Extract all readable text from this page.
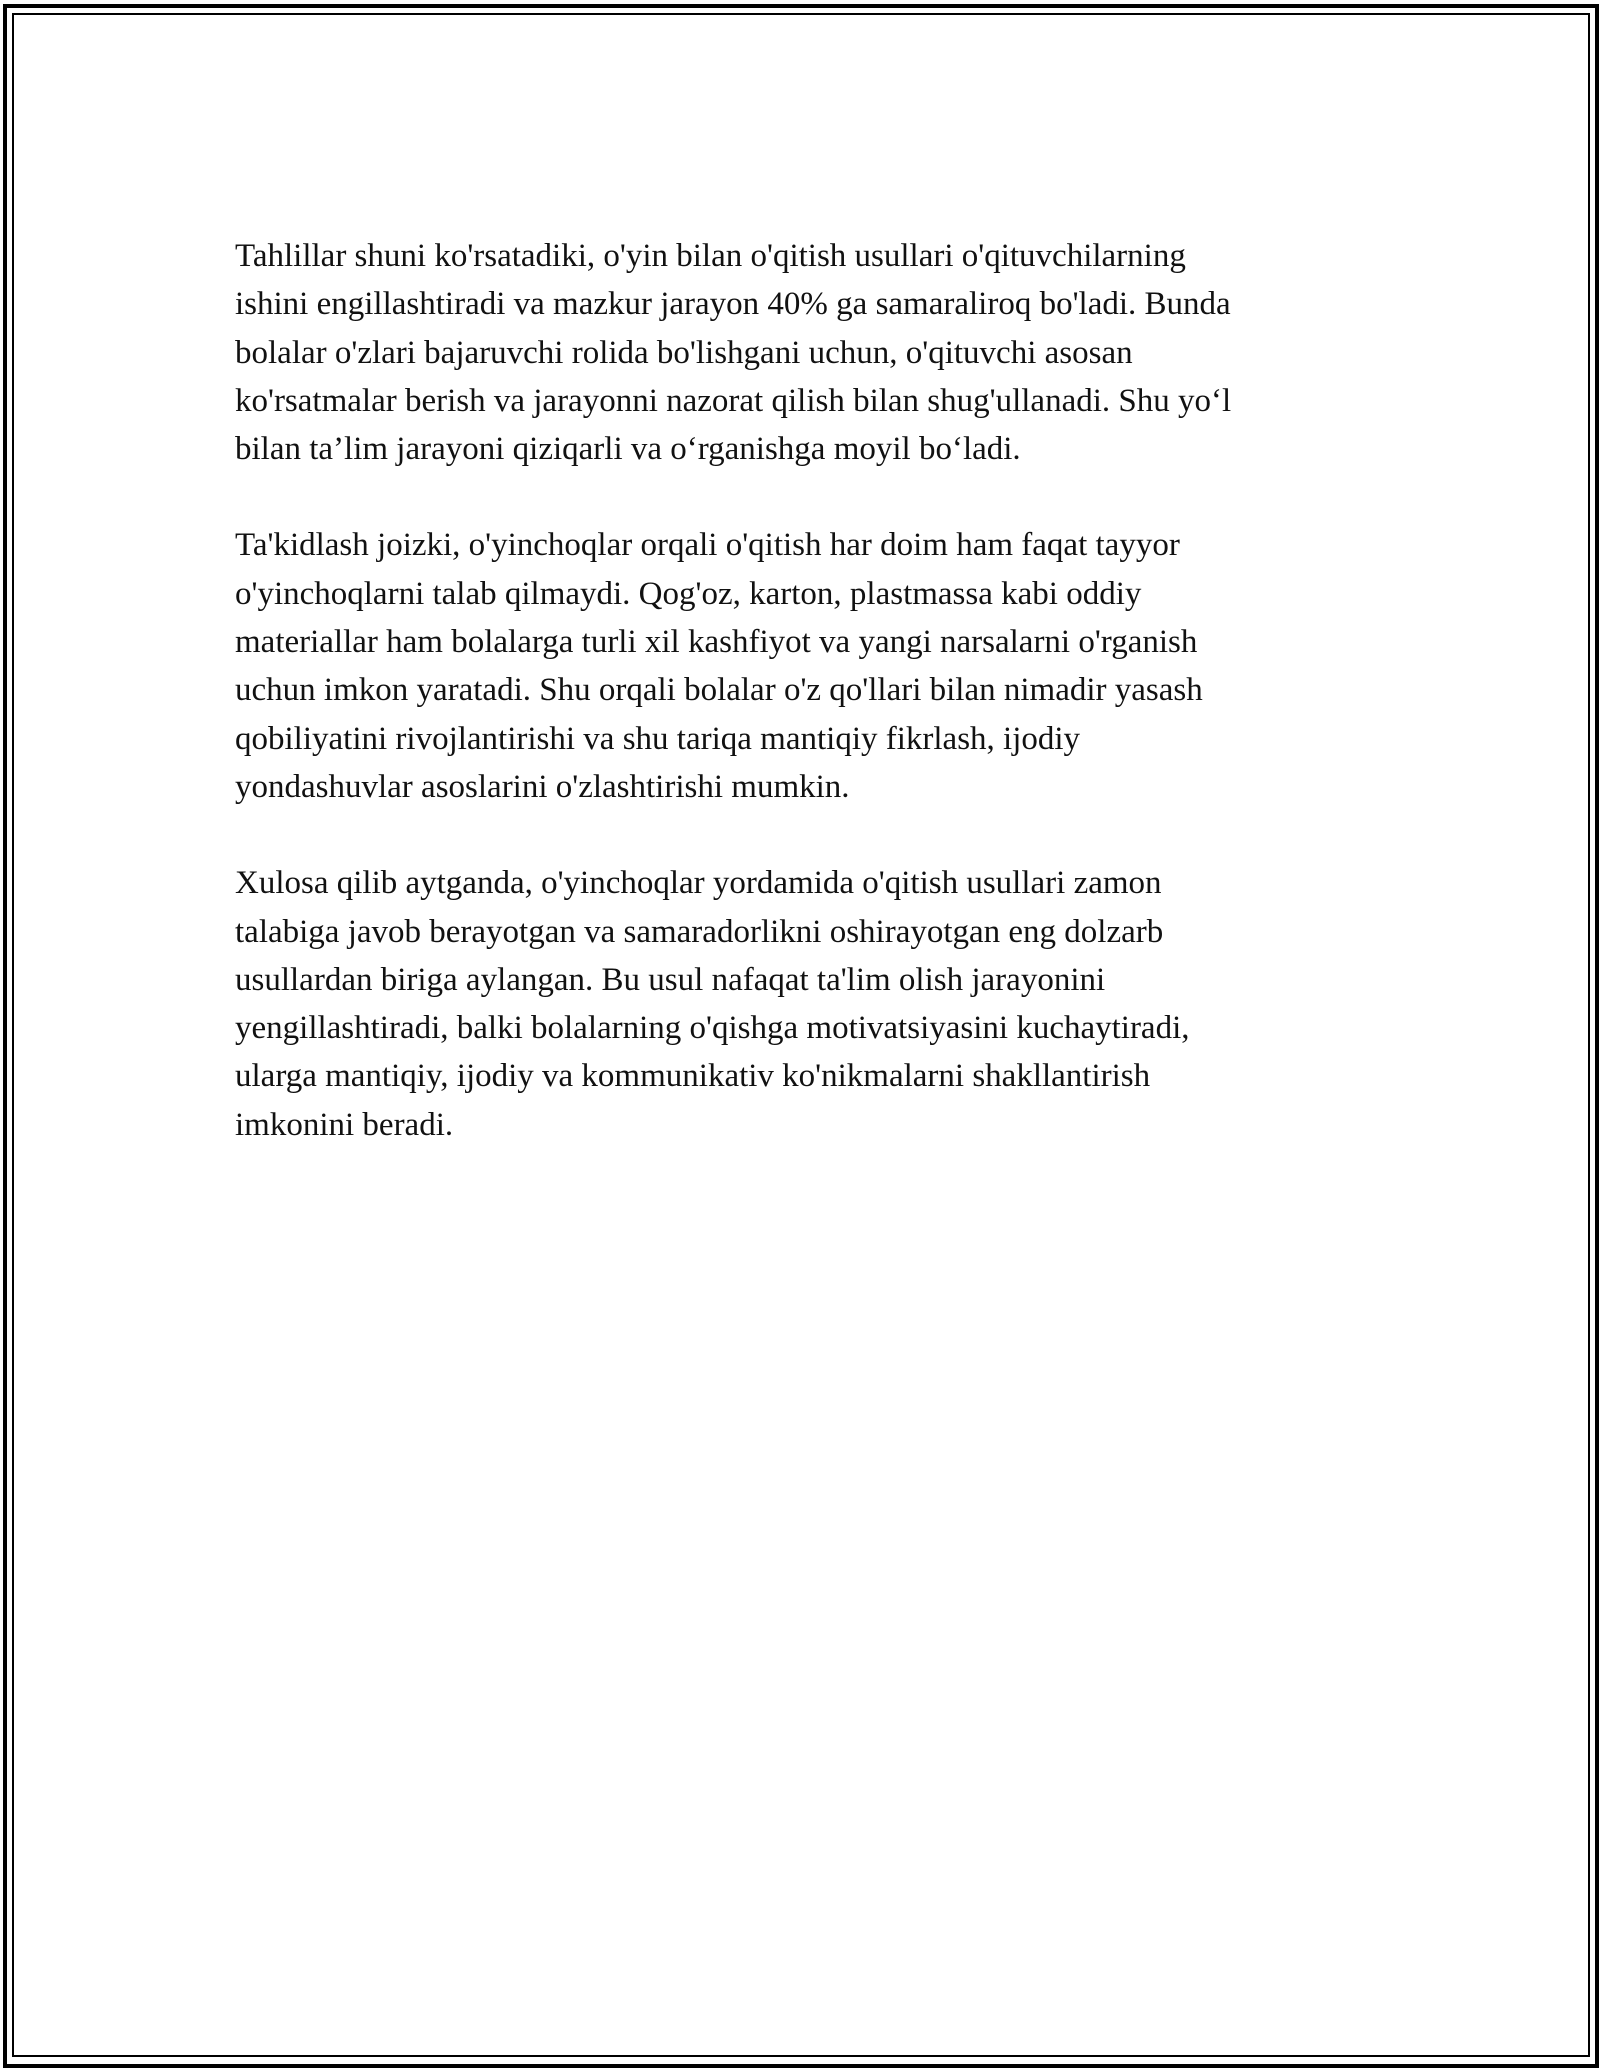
Tahlillar shuni ko'rsatadiki, o'yin bilan o'qitish usullari o'qituvchilarning
ishini engillashtiradi va mazkur jarayon 40% ga samaraliroq bo'ladi. Bunda
bolalar o'zlari bajaruvchi rolida bo'lishgani uchun, o'qituvchi asosan
ko'rsatmalar berish va jarayonni nazorat qilish bilan shug'ullanadi. Shu yo‘l
bilan ta’lim jarayoni qiziqarli va o‘rganishga moyil bo‘ladi.

Ta'kidlash joizki, o'yinchoqlar orqali o'qitish har doim ham faqat tayyor
o'yinchoqlarni talab qilmaydi. Qog'oz, karton, plastmassa kabi oddiy
materiallar ham bolalarga turli xil kashfiyot va yangi narsalarni o'rganish
uchun imkon yaratadi. Shu orqali bolalar o'z qo'llari bilan nimadir yasash
qobiliyatini rivojlantirishi va shu tariqa mantiqiy fikrlash, ijodiy
yondashuvlar asoslarini o'zlashtirishi mumkin.

Xulosa qilib aytganda, o'yinchoqlar yordamida o'qitish usullari zamon
talabiga javob berayotgan va samaradorlikni oshirayotgan eng dolzarb
usullardan biriga aylangan. Bu usul nafaqat ta'lim olish jarayonini
yengillashtiradi, balki bolalarning o'qishga motivatsiyasini kuchaytiradi,
ularga mantiqiy, ijodiy va kommunikativ ko'nikmalarni shakllantirish
imkonini beradi.
